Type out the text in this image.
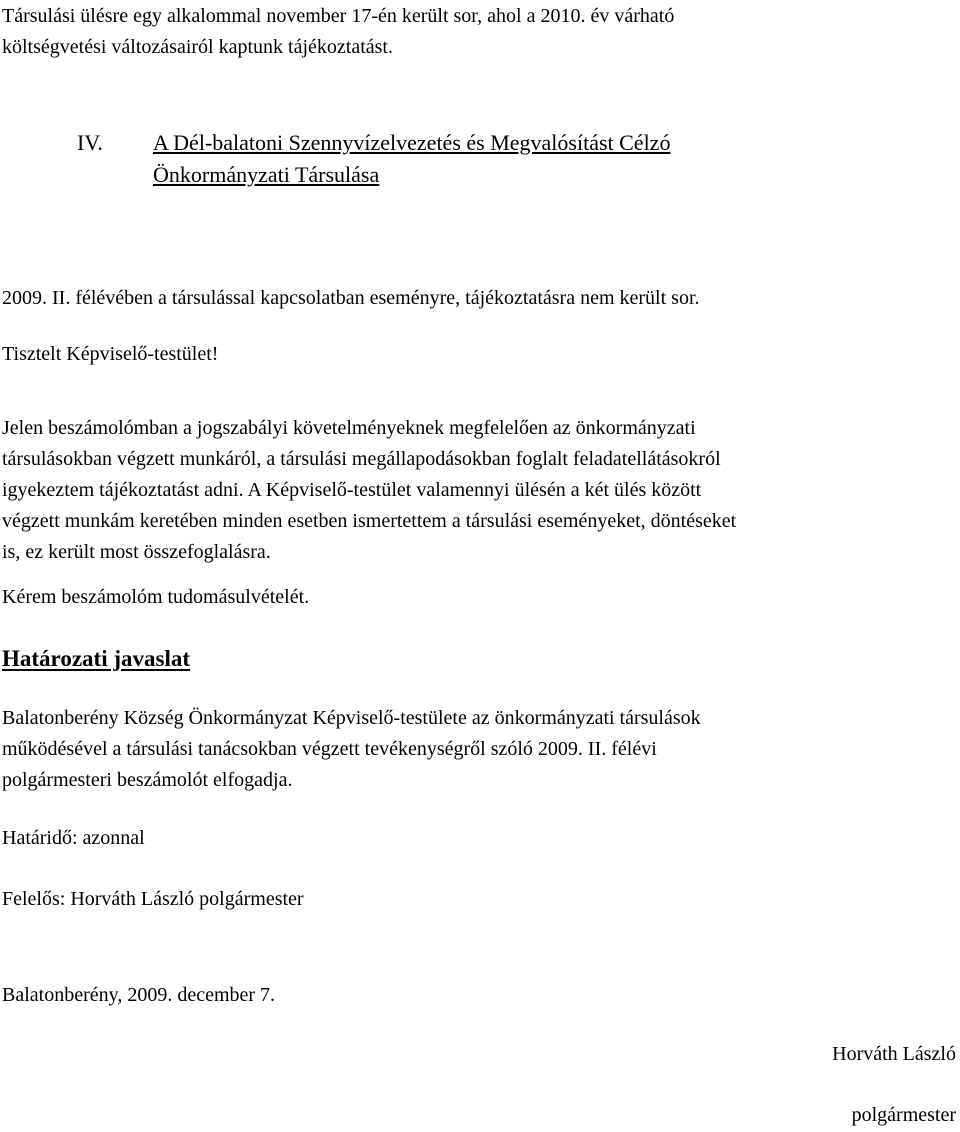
Társulási ülésre egy alkalommal november 17-én került sor, ahol a 2010. év várható
költségvetési változásairól kaptunk tájékoztatást.

IV. A Dél-balatoni Szennyvízelvezetés és Megvalósítást Célzó
Önkormányzati Társulása

2009. II. félévében a társulással kapcsolatban eseményre, tájékoztatásra nem került sor.

Tisztelt Képviselő-testület!

Jelen beszámolómban a jogszabályi követelményeknek megfelelően az önkormányzati
társulásokban végzett munkáról, a társulási megállapodásokban foglalt feladatellátásokról
igyekeztem tájékoztatást adni. A Képviselő-testület valamennyi ülésén a két ülés között
végzett munkám keretében minden esetben ismertettem a társulási eseményeket, döntéseket
is, ez került most összefoglalásra.

Kérem beszámolóm tudomásulvételét.

Határozati javaslat

Balatonberény Község Önkormányzat Képviselő-testülete az önkormányzati társulások
működésével a társulási tanácsokban végzett tevékenységről szóló 2009. II. félévi
polgármesteri beszámolót elfogadja.

Határidő: azonnal

Felelős: Horváth László polgármester

Balatonberény, 2009. december 7.

Horváth László

polgármester
